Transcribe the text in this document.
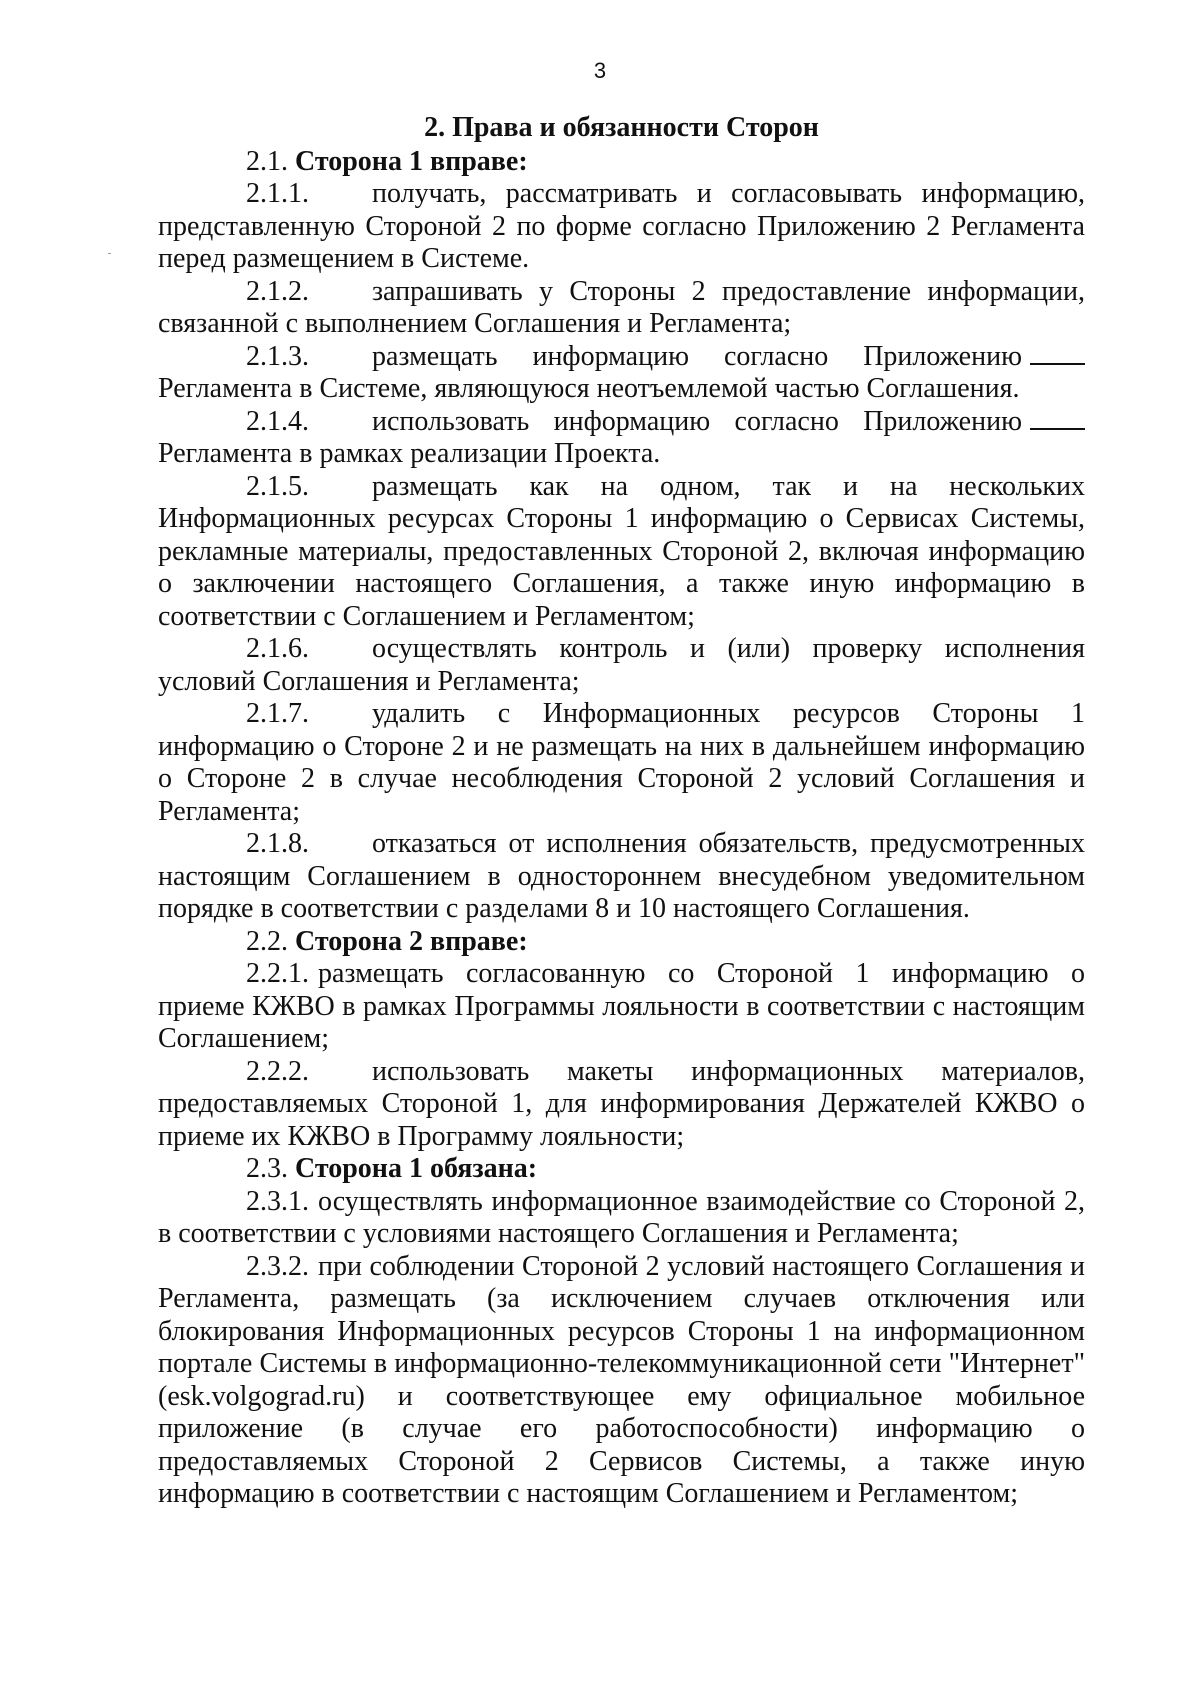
3

2. Права и обязанности Сторон

2.1. Сторона 1 вправе:

2.1.1. получать, рассматривать и согласовывать информацию, представленную Стороной 2 по форме согласно Приложению 2 Регламента перед размещением в Системе.

2.1.2. запрашивать у Стороны 2 предоставление информации, связанной с выполнением Соглашения и Регламента;

2.1.3. размещать информацию согласно Приложению Регламента в Системе, являющуюся неотъемлемой частью Соглашения.

2.1.4. использовать информацию согласно Приложению Регламента в рамках реализации Проекта.

2.1.5. размещать как на одном, так и на нескольких Информационных ресурсах Стороны 1 информацию о Сервисах Системы, рекламные материалы, предоставленных Стороной 2, включая информацию о заключении настоящего Соглашения, а также иную информацию в соответствии с Соглашением и Регламентом;

2.1.6. осуществлять контроль и (или) проверку исполнения условий Соглашения и Регламента;

2.1.7. удалить с Информационных ресурсов Стороны 1 информацию о Стороне 2 и не размещать на них в дальнейшем информацию о Стороне 2 в случае несоблюдения Стороной 2 условий Соглашения и Регламента;

2.1.8. отказаться от исполнения обязательств, предусмотренных настоящим Соглашением в одностороннем внесудебном уведомительном порядке в соответствии с разделами 8 и 10 настоящего Соглашения.

2.2. Сторона 2 вправе:

2.2.1. размещать согласованную со Стороной 1 информацию о приеме КЖВО в рамках Программы лояльности в соответствии с настоящим Соглашением;

2.2.2. использовать макеты информационных материалов, предоставляемых Стороной 1, для информирования Держателей КЖВО о приеме их КЖВО в Программу лояльности;

2.3. Сторона 1 обязана:

2.3.1. осуществлять информационное взаимодействие со Стороной 2, в соответствии с условиями настоящего Соглашения и Регламента;

2.3.2. при соблюдении Стороной 2 условий настоящего Соглашения и Регламента, размещать (за исключением случаев отключения или блокирования Информационных ресурсов Стороны 1 на информационном портале Системы в информационно-телекоммуникационной сети "Интернет" (esk.volgograd.ru) и соответствующее ему официальное мобильное приложение (в случае его работоспособности) информацию о предоставляемых Стороной 2 Сервисов Системы, а также иную информацию в соответствии с настоящим Соглашением и Регламентом;
